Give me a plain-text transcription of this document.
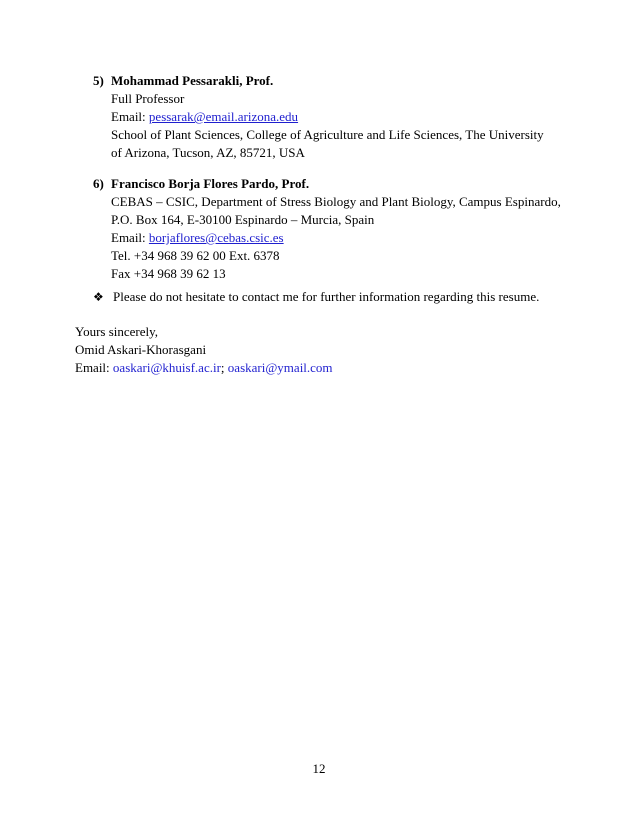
5) Mohammad Pessarakli, Prof.
Full Professor
Email: pessarak@email.arizona.edu
School of Plant Sciences, College of Agriculture and Life Sciences, The University
of Arizona, Tucson, AZ, 85721, USA
6) Francisco Borja Flores Pardo, Prof.
CEBAS – CSIC, Department of Stress Biology and Plant Biology, Campus Espinardo,
P.O. Box 164, E-30100 Espinardo – Murcia, Spain
Email: borjaflores@cebas.csic.es
Tel. +34 968 39 62 00 Ext. 6378
Fax +34 968 39 62 13
❖ Please do not hesitate to contact me for further information regarding this resume.
Yours sincerely,
Omid Askari-Khorasgani
Email: oaskari@khuisf.ac.ir; oaskari@ymail.com
12
